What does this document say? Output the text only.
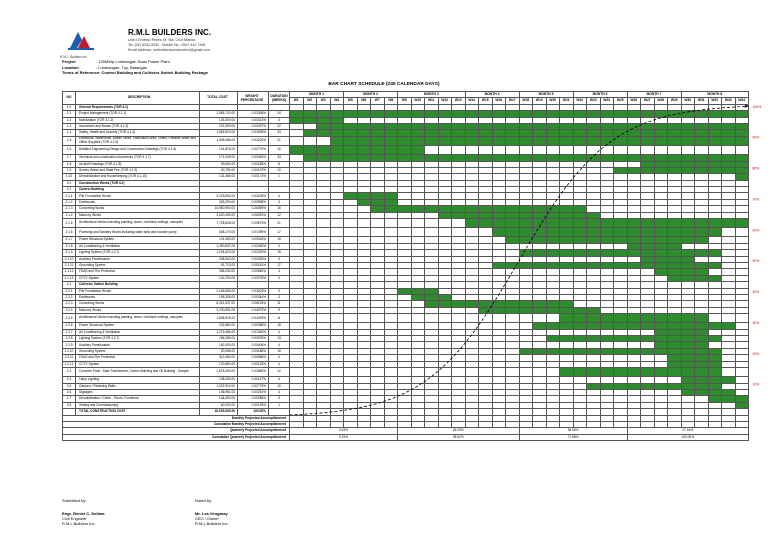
R.M.L. Builders Inc.
R.M.L BUILDERS INC.
Unit x Ernesto Reyes St. Sta. Cruz Manila
Tel: (02) 8242-8252 · Mobile No.: 09x7-4x2-7x06
Email Address: rmlbuildersconstruction@gmail.com
Project	: 125MWp Lumbangan Solar Power Plant
Location	: Lumbangan, Tuy, Batangas
Terms of Reference: Control Building and Collector Switch Building Package
BAR CHART SCHEDULE (240 CALENDAR DAYS)
NO	DESCRIPTION	TOTAL COST	WEIGHT PERCENTAGE	DURATION (WEEKS)	MONTH 1				MONTH 2				MONTH 3					MONTH 4				MONTH 5				MONTH 6				MONTH 7				MONTH 8				
					W1	W2	W3	W4	W5	W6	W7	W8	W9	W10	W11	W12	W13	W14	W15	W16	W17	W18	W19	W20	W21	W22	W23	W24	W25	W26	W27	W28	W29	W30	W31	W32	W33	W34
1.0	General Requirements (TOR 4.1)																																					
1.1	Project Management (TOR 4.1.1)	1,555,710.00	0.03308%	34																																		
1.2	Mobilization (TOR 4.1.2)	126,300.00	0.00314%	4																																		
1.3	Insurances and Bonds (TOR 4.1.3)	237,600.00	0.00437%	32																																		
1.4	Safety, Health and Security (TOR 4.1.4)	1,555,510.00	0.03308%	33																																		
1.5	Earthwork: Warehouse, Admin Office, Fabrication Area, Toilets, Portable Water and Office Supplies (TOR 4.1.5)	1,008,086.00	0.03220%	31																																		
1.6	Detailed Engineering Design and Construction Drawings (TOR 4.1.6)	101,876.00	0.02770%	10																																		
1.7	Technical and construction documents (TOR 4.1.7)	171,049.00	0.00453%	33																																		
1.8	As-built Drawings (TOR 4.1.8)	93,604.00	0.00188%	8																																		
1.9	Survey Works and State Fee (TOR 4.1.9)	40,780.00	0.00102%	10																																		
1.10	Demobilization and Housekeeping (TOR 4.1.10)	131,466.00	0.00174%	1																																		
2.0	Construction Works (TOR 4.2)																																					
2.1	Control Building																																					
2.1.1	Pile Foundation Works	3,478,804.00	0.03218%	4																																		
2.1.2	Earthworks	305,290.00	0.00598%	3																																		
2.1.3	Concreting Works	10,960,900.00	0.26359%	16																																		
2.1.4	Masonry Works	3,020,430.00	0.06254%	12																																		
2.1.5	Architectural Works including painting, doors, roof/deck ceilings, canopies	7,728,828.00	0.09673%	21																																		
2.1.6	Plumbing and Sanitary Works including water tank and booster pump	608,270.00	0.01789%	17																																		
2.1.7	Power Structural System	131,363.00	0.00315%	15																																		
2.1.8	Air Conditioning & Ventilation	1,450,847.00	0.02430%	4																																		
2.1.9	Lighting System (TOR 4.2.7)	1,194,623.00	0.02315%	15																																		
2.1.10	Auxiliary Panelboards	336,000.00	0.00325%	4																																		
2.1.11	Grounding System	91,713.00	0.00181%	17																																		
2.1.12	FDAS and Fire Protection	356,030.00	0.00850%	4																																		
2.1.13	CCTV System	140,700.00	0.00278%	4																																		
2.2	Collector Switch Building																																					
2.2.1	Pile Foundation Works	2,166,650.00	0.03203%	3																																		
2.2.2	Earthworks	195,305.00	0.00344%	3																																		
2.2.3	Concreting Works	8,341,037.00	0.08134%	11																																		
2.2.4	Masonry Works	3,700,831.00	0.04073%	9																																		
2.2.5	Architectural Works including painting, doors, roof/deck ceilings, canopies	1,808,915.00	0.04249%	11																																		
2.2.6	Power Structural System	232,880.00	0.00358%	15																																		
2.2.7	Air Conditioning & Ventilation	1,279,466.00	0.01394%	4																																		
2.2.8	Lighting System (TOR 4.2.7)	766,280.00	0.00976%	13																																		
2.2.9	Auxiliary Panelboards	162,000.00	0.00406%	4																																		
2.2.10	Grounding System	90,068.00	0.00188%	15																																		
2.2.11	FDAS and Fire Protection	312,060.00	0.00568%	4																																		
2.2.12	CCTV System	120,860.00	0.00125%	4																																		
2.3	Concrete Pads - Main Transformer, Control Building and Oil Building - Sample	1,878,300.00	0.03855%	12																																		
2.4	Lamp Lighting	138,330.00	0.00147%	4																																		
2.5	Gabions / Retaining Walls	1,022,910.00	0.02779%	10																																		
2.6	Signages	136,951.00	0.00251%	4																																		
2.7	Demobilization / Clean - Floors, Furnitures	144,600.00	0.00286%	3																																		
2.8	Testing and Commissioning	60,000.00	0.00125%	1																																		
	TOTAL CONSTRUCTION COST	40,000,000.00	100.00%																																			
Monthly Projected Accomplishment																																						
Cumulative Monthly Projected Accomplishment																																						
Quarterly Projected Accomplishment					9.19%								26.33%									36.06%								27.44%								
Cumulative Quarterly Projected Accomplishment					9.19%								35.52%									71.58%								100.00%								
10%
20%
30%
40%
50%
60%
70%
80%
90%
100%
Submitted by:
Engr. Reniel C. Delima
Civil Engineer
R.M.L Builders Inc.
Noted by:
Mr. Lea Vengaray
CEO / Owner
R.M.L Builders Inc.
